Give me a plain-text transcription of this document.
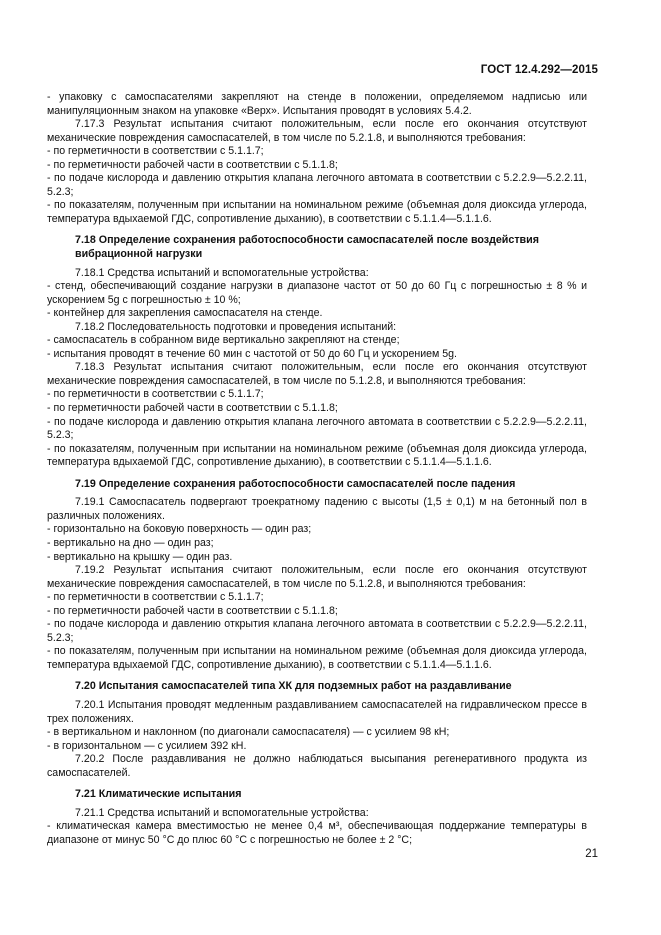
ГОСТ 12.4.292—2015

- упаковку с самоспасателями закрепляют на стенде в положении, определяемом надписью или манипуляционным знаком на упаковке «Верх». Испытания проводят в условиях 5.4.2.

7.17.3 Результат испытания считают положительным, если после его окончания отсутствуют механические повреждения самоспасателей, в том числе по 5.2.1.8, и выполняются требования:

- по герметичности в соответствии с 5.1.1.7;

- по герметичности рабочей части в соответствии с 5.1.1.8;

- по подаче кислорода и давлению открытия клапана легочного автомата в соответствии с 5.2.2.9—5.2.2.11, 5.2.3;

- по показателям, полученным при испытании на номинальном режиме (объемная доля диоксида углерода, температура вдыхаемой ГДС, сопротивление дыханию), в соответствии с 5.1.1.4—5.1.1.6.

7.18 Определение сохранения работоспособности самоспасателей после воздействия вибрационной нагрузки

7.18.1 Средства испытаний и вспомогательные устройства:

- стенд, обеспечивающий создание нагрузки в диапазоне частот от 50 до 60 Гц с погрешностью ± 8 % и ускорением 5g с погрешностью ± 10 %;

- контейнер для закрепления самоспасателя на стенде.

7.18.2 Последовательность подготовки и проведения испытаний:

- самоспасатель в собранном виде вертикально закрепляют на стенде;

- испытания проводят в течение 60 мин с частотой от 50 до 60 Гц и ускорением 5g.

7.18.3 Результат испытания считают положительным, если после его окончания отсутствуют механические повреждения самоспасателей, в том числе по 5.1.2.8, и выполняются требования:

- по герметичности в соответствии с 5.1.1.7;

- по герметичности рабочей части в соответствии с 5.1.1.8;

- по подаче кислорода и давлению открытия клапана легочного автомата в соответствии с 5.2.2.9—5.2.2.11, 5.2.3;

- по показателям, полученным при испытании на номинальном режиме (объемная доля диоксида углерода, температура вдыхаемой ГДС, сопротивление дыханию), в соответствии с 5.1.1.4—5.1.1.6.

7.19 Определение сохранения работоспособности самоспасателей после падения

7.19.1 Самоспасатель подвергают троекратному падению с высоты (1,5 ± 0,1) м на бетонный пол в различных положениях.

- горизонтально на боковую поверхность — один раз;

- вертикально на дно — один раз;

- вертикально на крышку — один раз.

7.19.2 Результат испытания считают положительным, если после его окончания отсутствуют механические повреждения самоспасателей, в том числе по 5.1.2.8, и выполняются требования:

- по герметичности в соответствии с 5.1.1.7;

- по герметичности рабочей части в соответствии с 5.1.1.8;

- по подаче кислорода и давлению открытия клапана легочного автомата в соответствии с 5.2.2.9—5.2.2.11, 5.2.3;

- по показателям, полученным при испытании на номинальном режиме (объемная доля диоксида углерода, температура вдыхаемой ГДС, сопротивление дыханию), в соответствии с 5.1.1.4—5.1.1.6.

7.20 Испытания самоспасателей типа ХК для подземных работ на раздавливание

7.20.1 Испытания проводят медленным раздавливанием самоспасателей на гидравлическом прессе в трех положениях.

- в вертикальном и наклонном (по диагонали самоспасателя) — с усилием 98 кН;

- в горизонтальном — с усилием 392 кН.

7.20.2 После раздавливания не должно наблюдаться высыпания регенеративного продукта из самоспасателей.

7.21 Климатические испытания

7.21.1 Средства испытаний и вспомогательные устройства:

- климатическая камера вместимостью не менее 0,4 м³, обеспечивающая поддержание температуры в диапазоне от минус 50 °С до плюс 60 °С с погрешностью не более ± 2 °С;

21
